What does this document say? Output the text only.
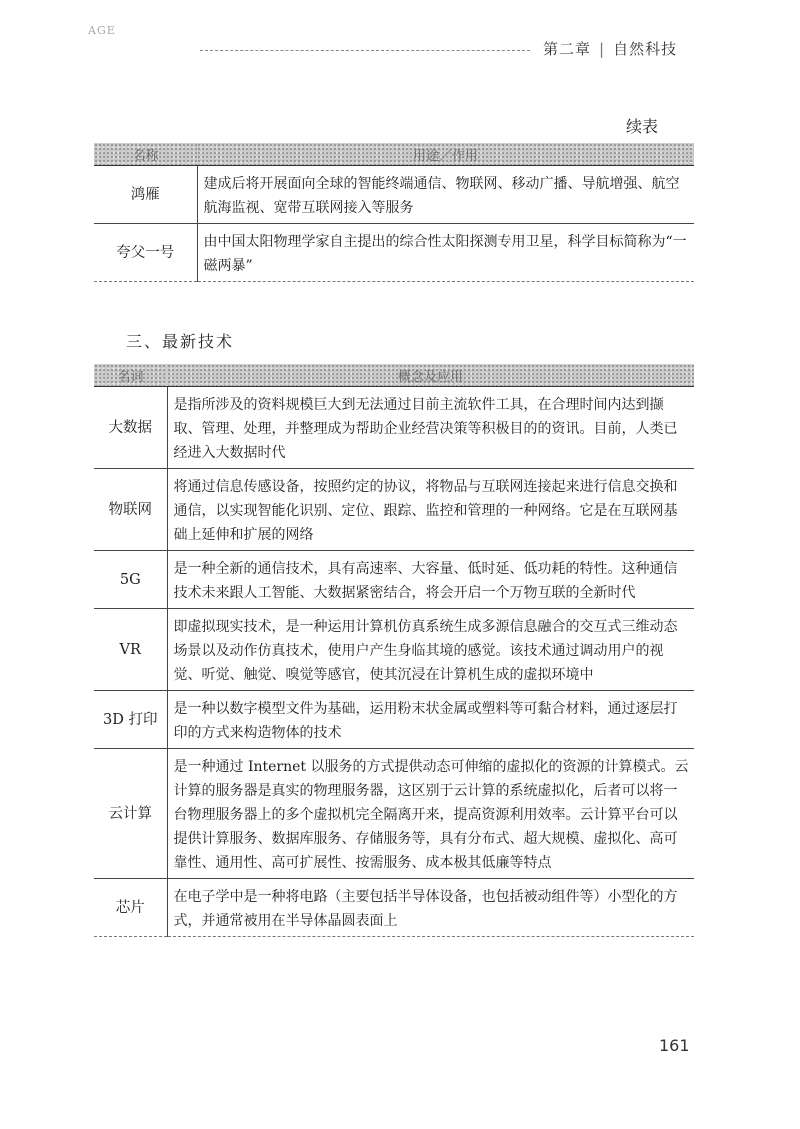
AGE
第二章 | 自然科技
续表
名称	用途／作用
鸿雁	建成后将开展面向全球的智能终端通信、物联网、移动广播、导航增强、航空航海监视、宽带互联网接入等服务
夸父一号	由中国太阳物理学家自主提出的综合性太阳探测专用卫星，科学目标简称为“一磁两暴”
三、最新技术
名词	概念及应用
大数据	是指所涉及的资料规模巨大到无法通过目前主流软件工具，在合理时间内达到撷取、管理、处理，并整理成为帮助企业经营决策等积极目的的资讯。目前，人类已经进入大数据时代
物联网	将通过信息传感设备，按照约定的协议，将物品与互联网连接起来进行信息交换和通信，以实现智能化识别、定位、跟踪、监控和管理的一种网络。它是在互联网基础上延伸和扩展的网络
5G	是一种全新的通信技术，具有高速率、大容量、低时延、低功耗的特性。这种通信技术未来跟人工智能、大数据紧密结合，将会开启一个万物互联的全新时代
VR	即虚拟现实技术，是一种运用计算机仿真系统生成多源信息融合的交互式三维动态场景以及动作仿真技术，使用户产生身临其境的感觉。该技术通过调动用户的视觉、听觉、触觉、嗅觉等感官，使其沉浸在计算机生成的虚拟环境中
3D 打印	是一种以数字模型文件为基础，运用粉末状金属或塑料等可黏合材料，通过逐层打印的方式来构造物体的技术
云计算	是一种通过 Internet 以服务的方式提供动态可伸缩的虚拟化的资源的计算模式。云计算的服务器是真实的物理服务器，这区别于云计算的系统虚拟化，后者可以将一台物理服务器上的多个虚拟机完全隔离开来，提高资源利用效率。云计算平台可以提供计算服务、数据库服务、存储服务等，具有分布式、超大规模、虚拟化、高可靠性、通用性、高可扩展性、按需服务、成本极其低廉等特点
芯片	在电子学中是一种将电路（主要包括半导体设备，也包括被动组件等）小型化的方式，并通常被用在半导体晶圆表面上
161
